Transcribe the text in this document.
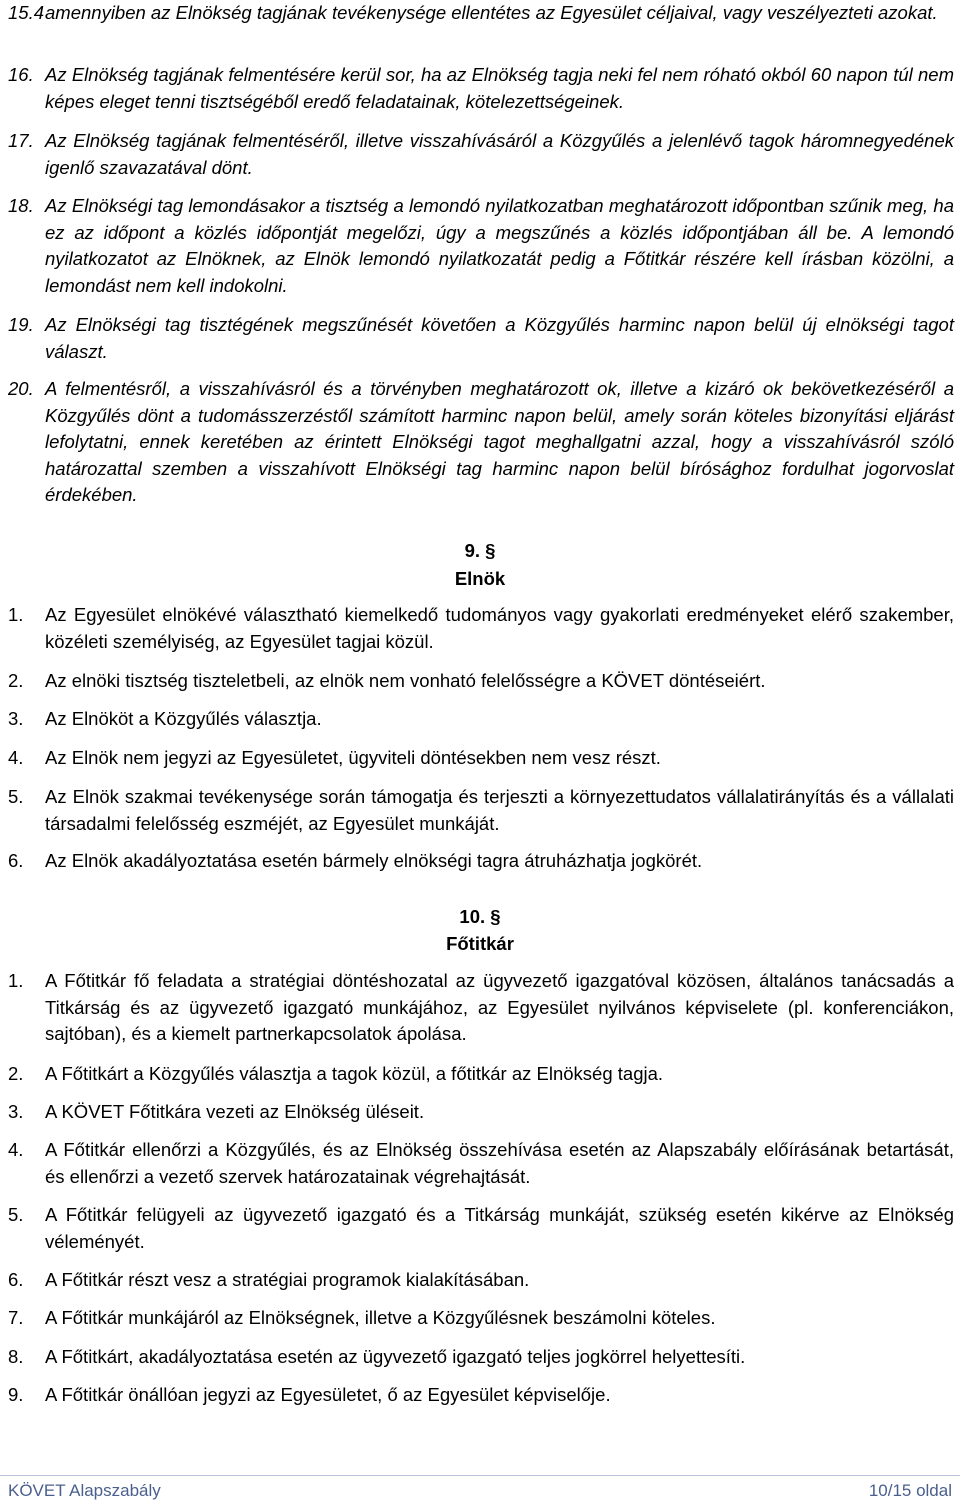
15.4 amennyiben az Elnökség tagjának tevékenysége ellentétes az Egyesület céljaival, vagy veszélyezteti azokat.
16. Az Elnökség tagjának felmentésére kerül sor, ha az Elnökség tagja neki fel nem róható okból 60 napon túl nem képes eleget tenni tisztségéből eredő feladatainak, kötelezettségeinek.
17. Az Elnökség tagjának felmentéséről, illetve visszahívásáról a Közgyűlés a jelenlévő tagok háromnegyedének igenlő szavazatával dönt.
18. Az Elnökségi tag lemondásakor a tisztség a lemondó nyilatkozatban meghatározott időpontban szűnik meg, ha ez az időpont a közlés időpontját megelőzi, úgy a megszűnés a közlés időpontjában áll be. A lemondó nyilatkozatot az Elnöknek, az Elnök lemondó nyilatkozatát pedig a Főtitkár részére kell írásban közölni, a lemondást nem kell indokolni.
19. Az Elnökségi tag tisztégének megszűnését követően a Közgyűlés harminc napon belül új elnökségi tagot választ.
20. A felmentésről, a visszahívásról és a törvényben meghatározott ok, illetve a kizáró ok bekövetkezéséről a Közgyűlés dönt a tudomásszerzéstől számított harminc napon belül, amely során köteles bizonyítási eljárást lefolytatni, ennek keretében az érintett Elnökségi tagot meghallgatni azzal, hogy a visszahívásról szóló határozattal szemben a visszahívott Elnökségi tag harminc napon belül bírósághoz fordulhat jogorvoslat érdekében.
9. §
Elnök
1.	Az Egyesület elnökévé választható kiemelkedő tudományos vagy gyakorlati eredményeket elérő szakember, közéleti személyiség, az Egyesület tagjai közül.
2.	Az elnöki tisztség tiszteletbeli, az elnök nem vonható felelősségre a KÖVET döntéseiért.
3.	Az Elnököt a Közgyűlés választja.
4.	Az Elnök nem jegyzi az Egyesületet, ügyviteli döntésekben nem vesz részt.
5.	Az Elnök szakmai tevékenysége során támogatja és terjeszti a környezettudatos vállalatirányítás és a vállalati társadalmi felelősség eszméjét, az Egyesület munkáját.
6.	Az Elnök akadályoztatása esetén bármely elnökségi tagra átruházhatja jogkörét.
10. §
Főtitkár
1.	A Főtitkár fő feladata a stratégiai döntéshozatal az ügyvezető igazgatóval közösen, általános tanácsadás a Titkárság és az ügyvezető igazgató munkájához, az Egyesület nyilvános képviselete (pl. konferenciákon, sajtóban), és a kiemelt partnerkapcsolatok ápolása.
2.	A Főtitkárt a Közgyűlés választja a tagok közül, a főtitkár az Elnökség tagja.
3.	A KÖVET Főtitkára vezeti az Elnökség üléseit.
4.	A Főtitkár ellenőrzi a Közgyűlés, és az Elnökség összehívása esetén az Alapszabály előírásának betartását, és ellenőrzi a vezető szervek határozatainak végrehajtását.
5.	A Főtitkár felügyeli az ügyvezető igazgató és a Titkárság munkáját, szükség esetén kikérve az Elnökség véleményét.
6.	A Főtitkár részt vesz a stratégiai programok kialakításában.
7.	A Főtitkár munkájáról az Elnökségnek, illetve a Közgyűlésnek beszámolni köteles.
8.	A Főtitkárt, akadályoztatása esetén az ügyvezető igazgató teljes jogkörrel helyettesíti.
9.	A Főtitkár önállóan jegyzi az Egyesületet, ő az Egyesület képviselője.
KÖVET Alapszabály	10/15 oldal
